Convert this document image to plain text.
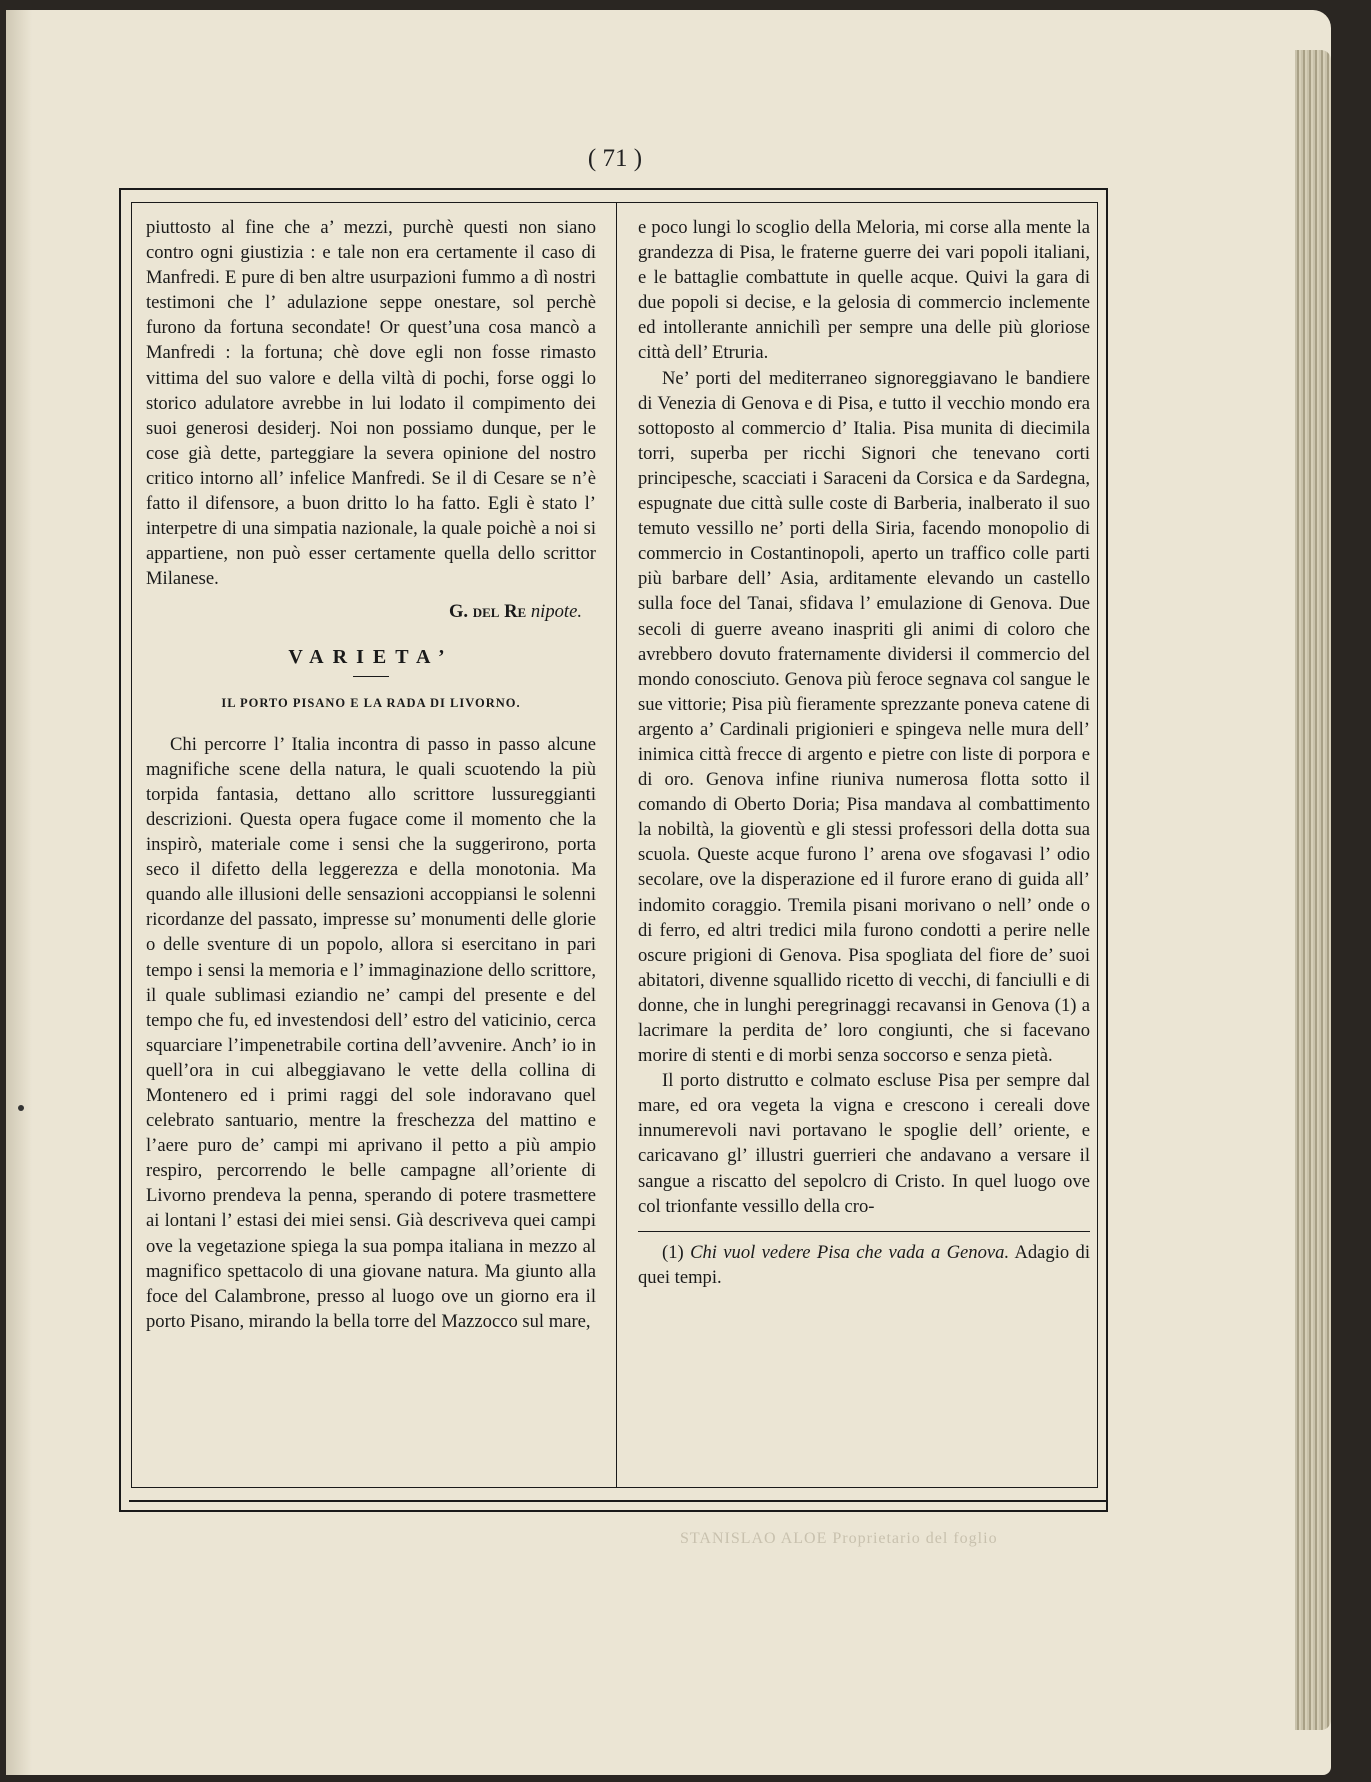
( 71 )

piuttosto al fine che a’ mezzi, purchè questi non siano contro ogni giustizia : e tale non era certamente il caso di Manfredi. E pure di ben altre usurpazioni fummo a dì nostri testimoni che l’ adulazione seppe onestare, sol perchè furono da fortuna secondate! Or quest’una cosa mancò a Manfredi : la fortuna; chè dove egli non fosse rimasto vittima del suo valore e della viltà di pochi, forse oggi lo storico adulatore avrebbe in lui lodato il compimento dei suoi generosi desiderj. Noi non possiamo dunque, per le cose già dette, parteggiare la severa opinione del nostro critico intorno all’ infelice Manfredi. Se il di Cesare se n’è fatto il difensore, a buon dritto lo ha fatto. Egli è stato l’ interpetre di una simpatia nazionale, la quale poichè a noi si appartiene, non può esser certamente quella dello scrittor Milanese.

G. del Re nipote.

VARIETA’
IL PORTO PISANO E LA RADA DI LIVORNO.

Chi percorre l’ Italia incontra di passo in passo alcune magnifiche scene della natura, le quali scuotendo la più torpida fantasia, dettano allo scrittore lussureggianti descrizioni. Questa opera fugace come il momento che la inspirò, materiale come i sensi che la suggerirono, porta seco il difetto della leggerezza e della monotonia. Ma quando alle illusioni delle sensazioni accoppiansi le solenni ricordanze del passato, impresse su’ monumenti delle glorie o delle sventure di un popolo, allora si esercitano in pari tempo i sensi la memoria e l’ immaginazione dello scrittore, il quale sublimasi eziandio ne’ campi del presente e del tempo che fu, ed investendosi dell’ estro del vaticinio, cerca squarciare l’impenetrabile cortina dell’avvenire. Anch’ io in quell’ora in cui albeggiavano le vette della collina di Montenero ed i primi raggi del sole indoravano quel celebrato santuario, mentre la freschezza del mattino e l’aere puro de’ campi mi aprivano il petto a più ampio respiro, percorrendo le belle campagne all’oriente di Livorno prendeva la penna, sperando di potere trasmettere ai lontani l’ estasi dei miei sensi. Già descriveva quei campi ove la vegetazione spiega la sua pompa italiana in mezzo al magnifico spettacolo di una giovane natura. Ma giunto alla foce del Calambrone, presso al luogo ove un giorno era il porto Pisano, mirando la bella torre del Mazzocco sul mare,

e poco lungi lo scoglio della Meloria, mi corse alla mente la grandezza di Pisa, le fraterne guerre dei vari popoli italiani, e le battaglie combattute in quelle acque. Quivi la gara di due popoli si decise, e la gelosia di commercio inclemente ed intollerante annichilì per sempre una delle più gloriose città dell’ Etruria.

Ne’ porti del mediterraneo signoreggiavano le bandiere di Venezia di Genova e di Pisa, e tutto il vecchio mondo era sottoposto al commercio d’ Italia. Pisa munita di diecimila torri, superba per ricchi Signori che tenevano corti principesche, scacciati i Saraceni da Corsica e da Sardegna, espugnate due città sulle coste di Barberia, inalberato il suo temuto vessillo ne’ porti della Siria, facendo monopolio di commercio in Costantinopoli, aperto un traffico colle parti più barbare dell’ Asia, arditamente elevando un castello sulla foce del Tanai, sfidava l’ emulazione di Genova. Due secoli di guerre aveano inaspriti gli animi di coloro che avrebbero dovuto fraternamente dividersi il commercio del mondo conosciuto. Genova più feroce segnava col sangue le sue vittorie; Pisa più fieramente sprezzante poneva catene di argento a’ Cardinali prigionieri e spingeva nelle mura dell’ inimica città frecce di argento e pietre con liste di porpora e di oro. Genova infine riuniva numerosa flotta sotto il comando di Oberto Doria; Pisa mandava al combattimento la nobiltà, la gioventù e gli stessi professori della dotta sua scuola. Queste acque furono l’ arena ove sfogavasi l’ odio secolare, ove la disperazione ed il furore erano di guida all’ indomito coraggio. Tremila pisani morivano o nell’ onde o di ferro, ed altri tredici mila furono condotti a perire nelle oscure prigioni di Genova. Pisa spogliata del fiore de’ suoi abitatori, divenne squallido ricetto di vecchi, di fanciulli e di donne, che in lunghi peregrinaggi recavansi in Genova (1) a lacrimare la perdita de’ loro congiunti, che si facevano morire di stenti e di morbi senza soccorso e senza pietà.

Il porto distrutto e colmato escluse Pisa per sempre dal mare, ed ora vegeta la vigna e crescono i cereali dove innumerevoli navi portavano le spoglie dell’ oriente, e caricavano gl’ illustri guerrieri che andavano a versare il sangue a riscatto del sepolcro di Cristo. In quel luogo ove col trionfante vessillo della cro-

(1) Chi vuol vedere Pisa che vada a Genova. Adagio di quei tempi.

STANISLAO ALOE Proprietario del foglio
